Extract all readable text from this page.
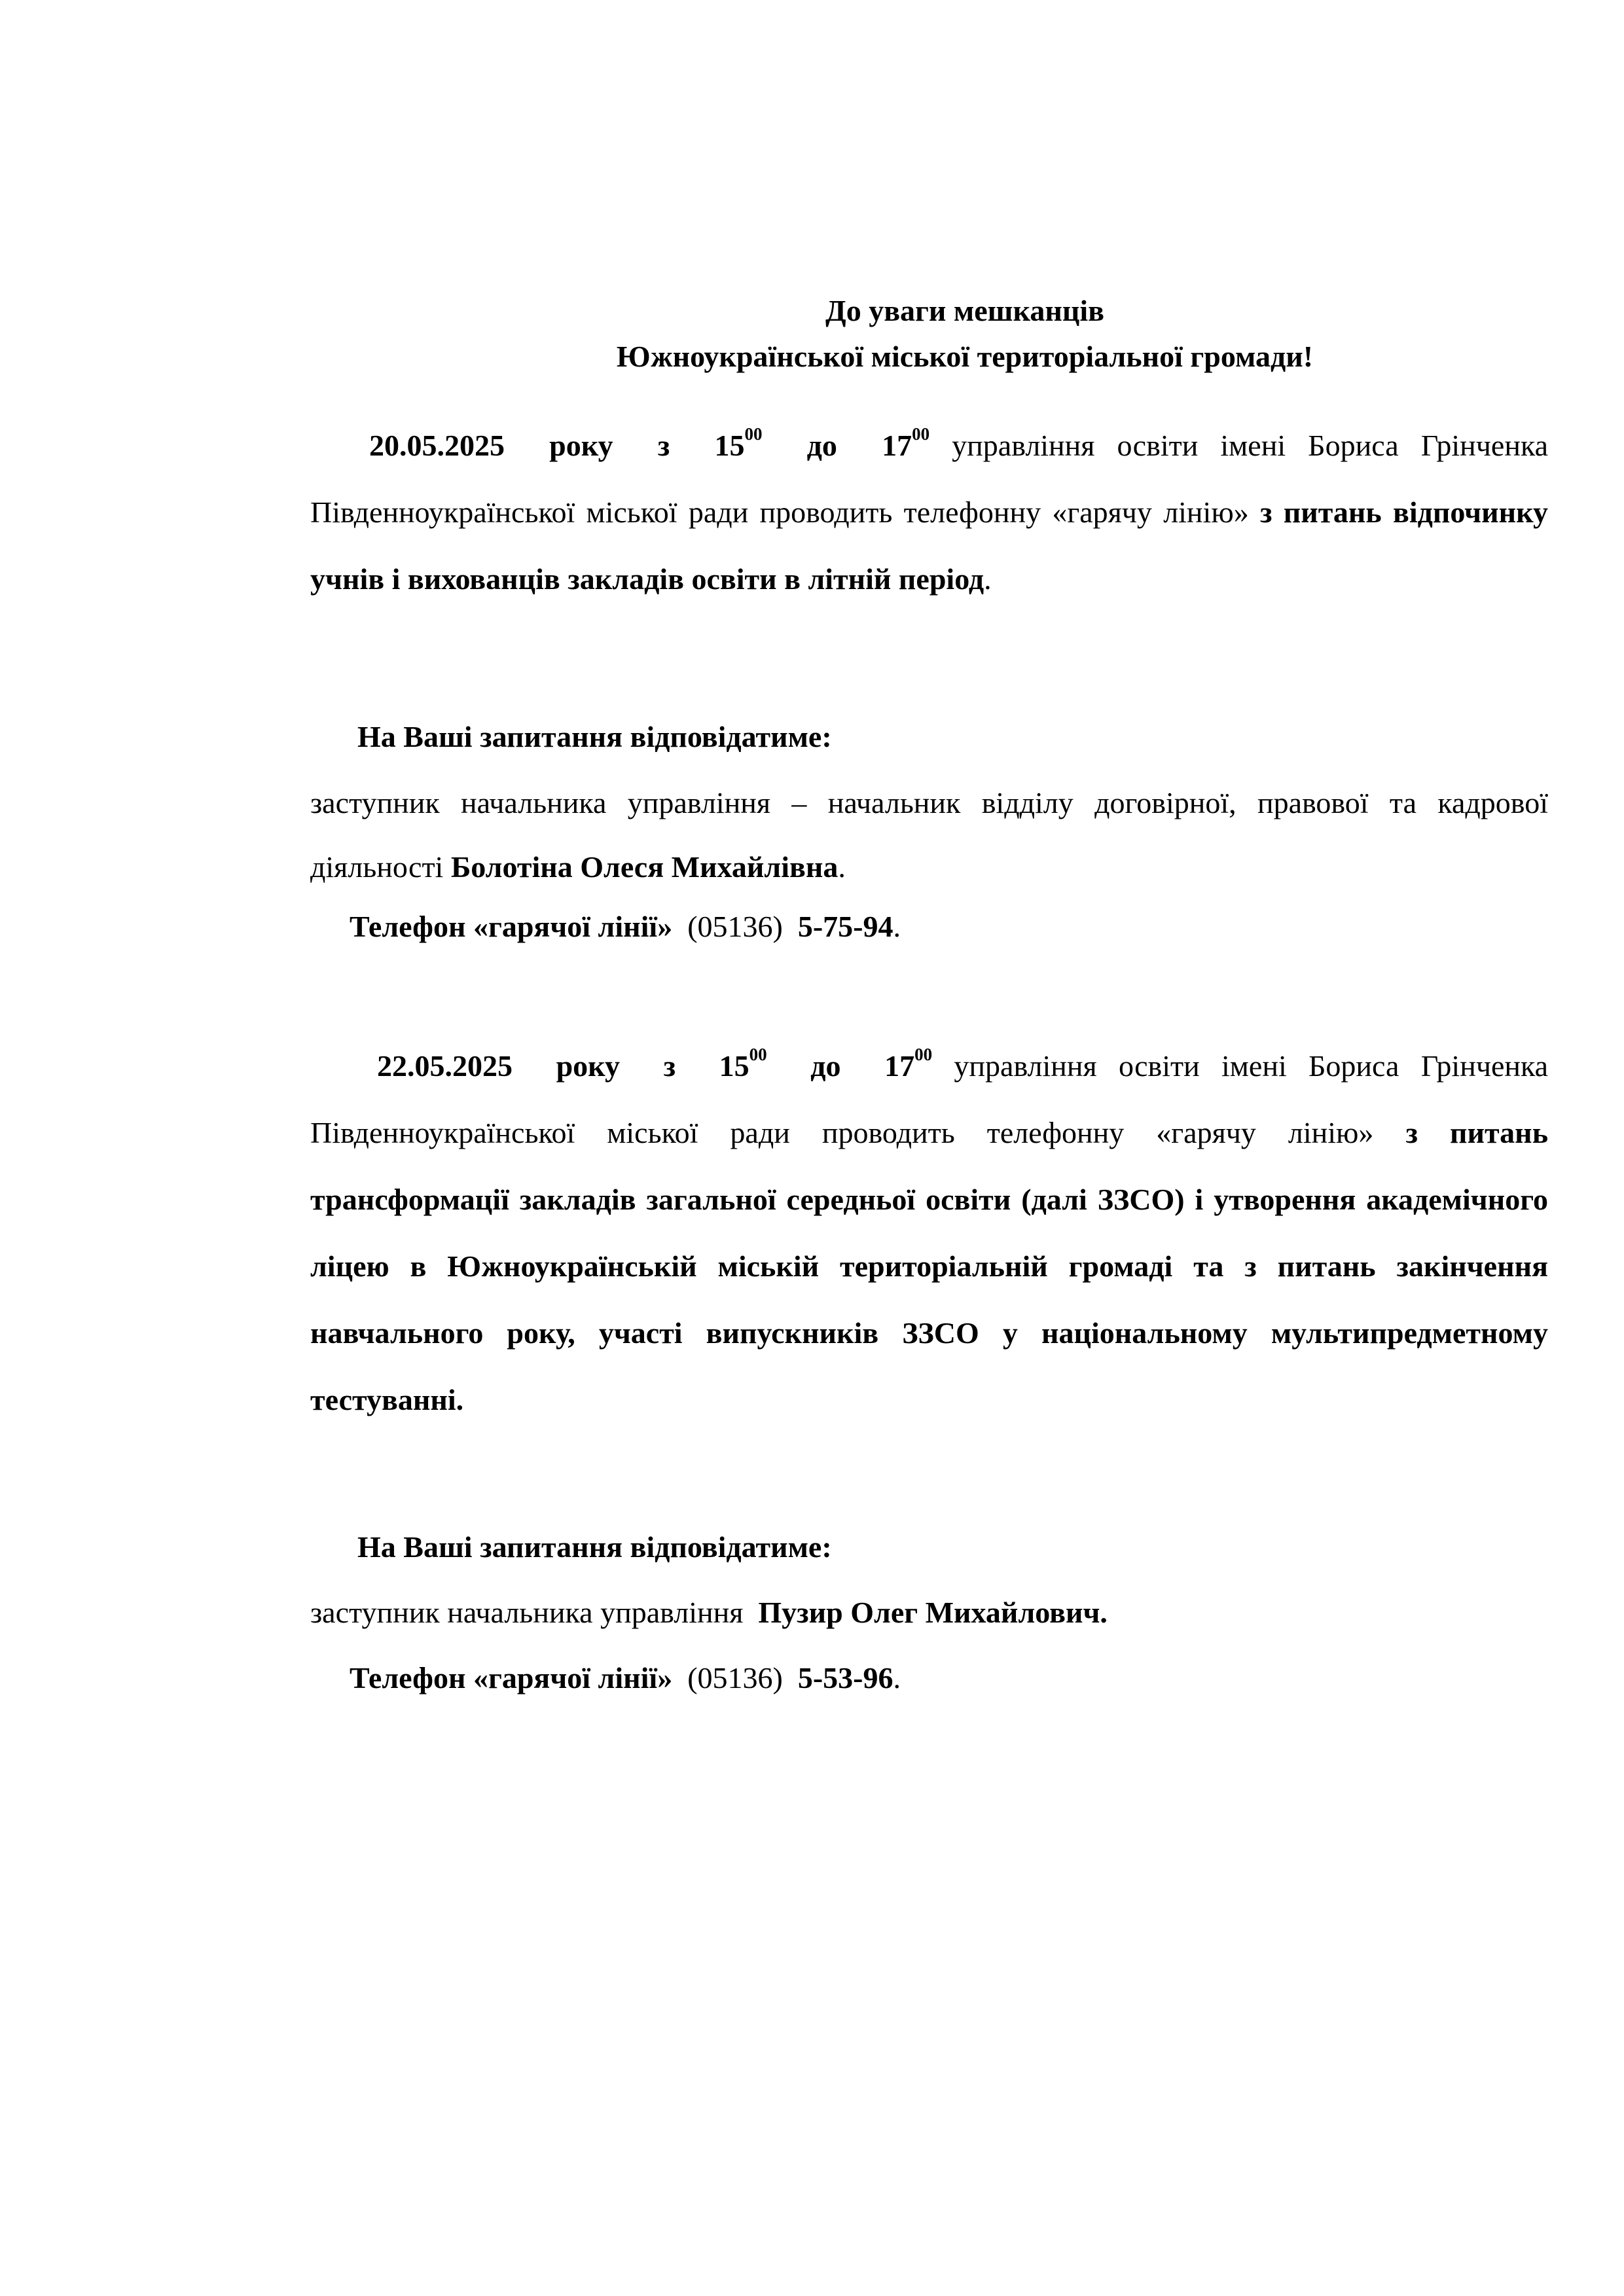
До уваги мешканців
Южноукраїнської міської територіальної громади!

20.05.2025 року з $15^{00}$ до $17^{00}$ управління освіти імені Бориса Грінченка Південноукраїнської міської ради проводить телефонну «гарячу лінію» з питань відпочинку учнів і вихованців закладів освіти в літній період.

На Ваші запитання відповідатиме:

заступник начальника управління – начальник відділу договірної, правової та кадрової діяльності Болотіна Олеся Михайлівна.

Телефон «гарячої лінії» (05136) 5-75-94.

22.05.2025 року з $15^{00}$ до $17^{00}$ управління освіти імені Бориса Грінченка Південноукраїнської міської ради проводить телефонну «гарячу лінію» з питань трансформації закладів загальної середньої освіти (далі ЗЗСО) і утворення академічного ліцею в Южноукраїнській міській територіальній громаді та з питань закінчення навчального року, участі випускників ЗЗСО у національному мультипредметному тестуванні.

На Ваші запитання відповідатиме:
заступник начальника управління Пузир Олег Михайлович.
Телефон «гарячої лінії» (05136) 5-53-96.
